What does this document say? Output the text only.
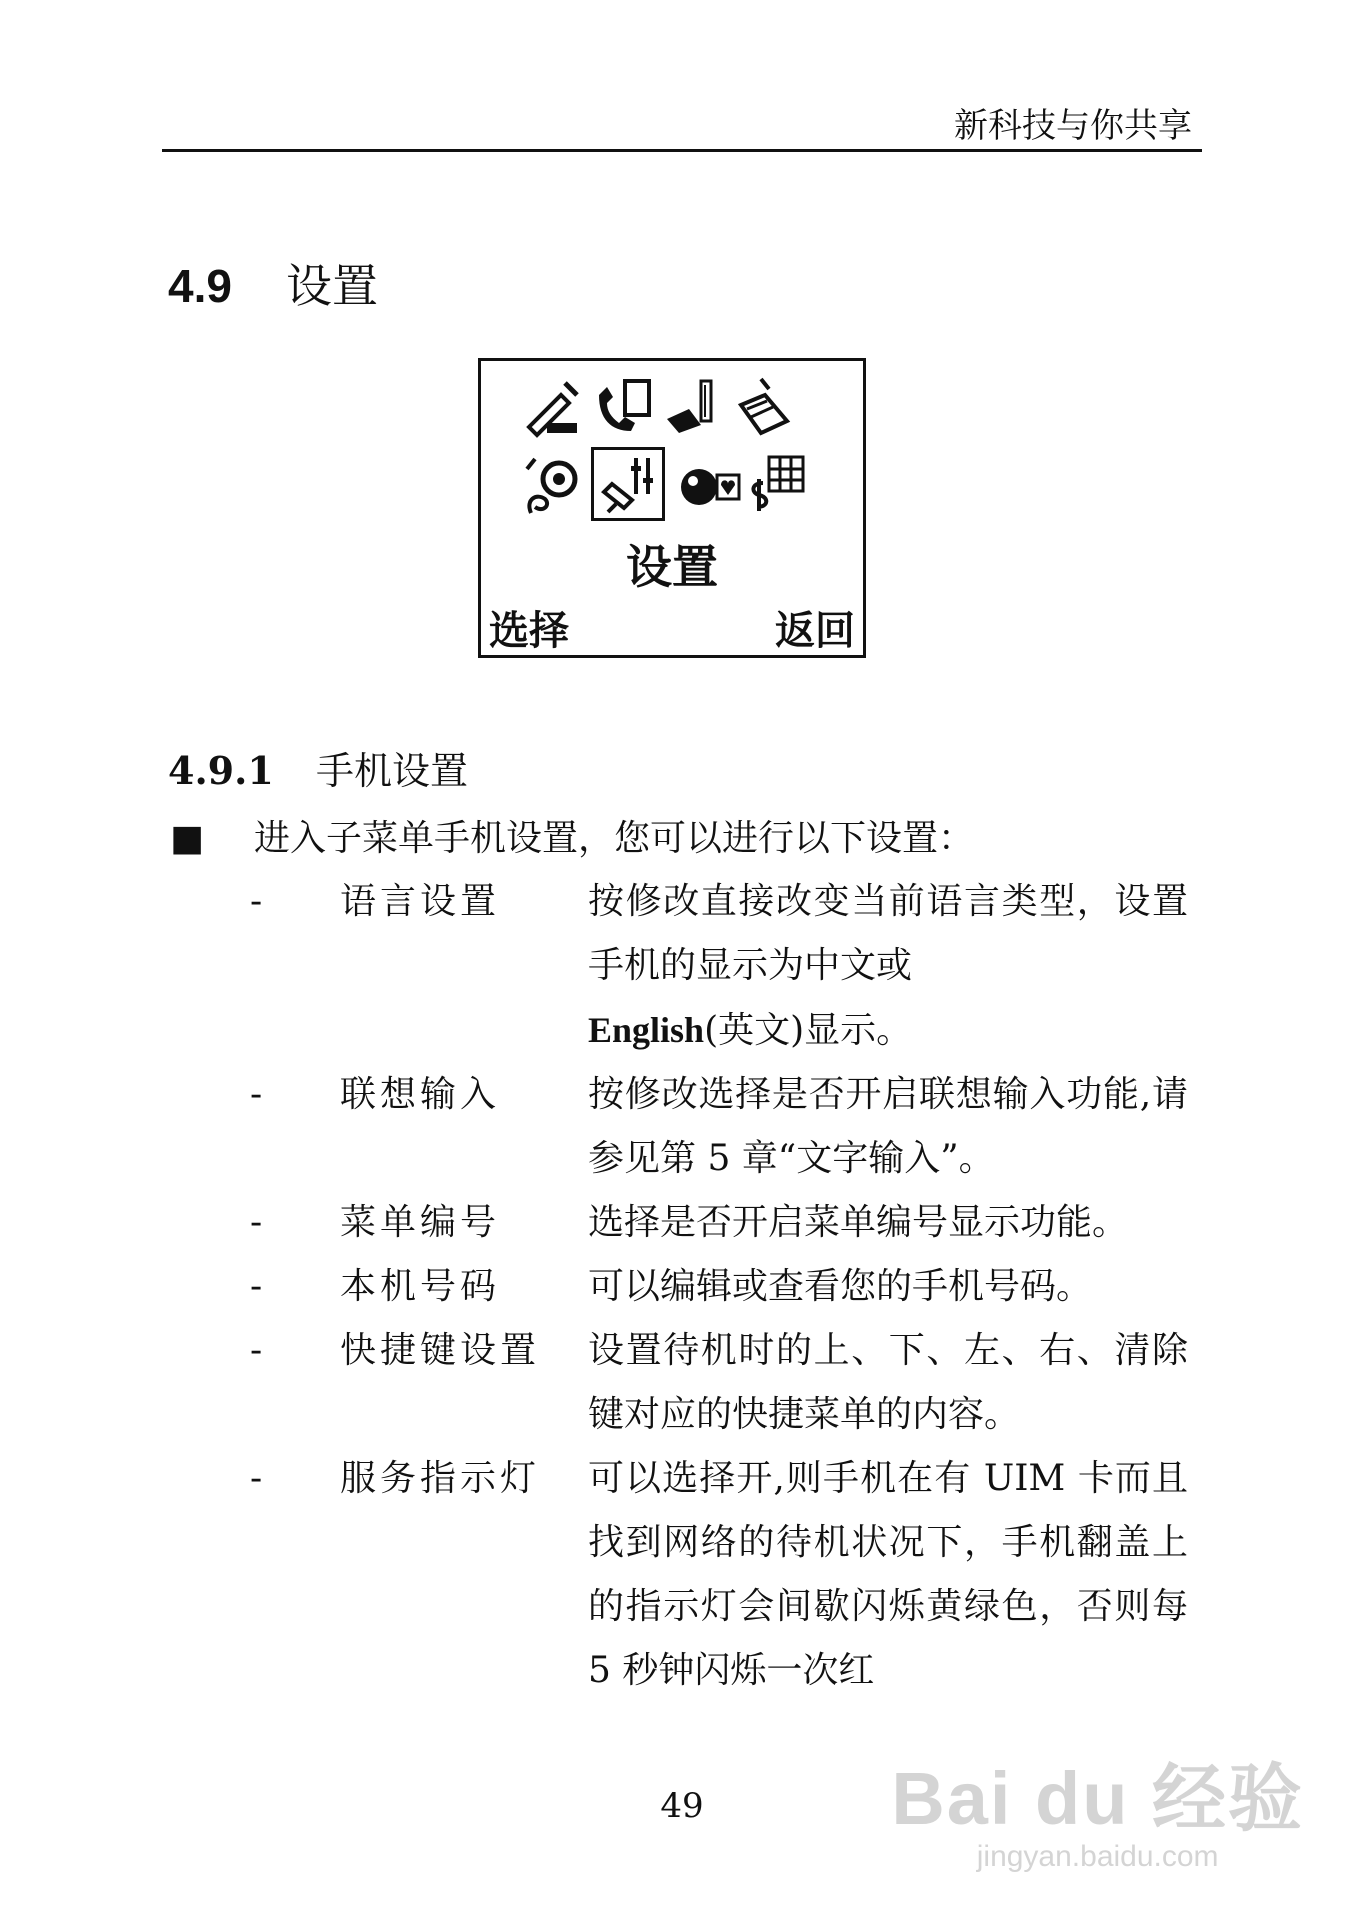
新科技与你共享
4.9 设置
设置
选择	返回
4.9.1 手机设置
■ 进入子菜单手机设置，您可以进行以下设置：
-	语言设置	按修改直接改变当前语言类型，设置手机的显示为中文或
English(英文)显示。
-	联想输入	按修改选择是否开启联想输入功能,请参见第 5 章“文字输入”。
-	菜单编号	选择是否开启菜单编号显示功能。
-	本机号码	可以编辑或查看您的手机号码。
-	快捷键设置	设置待机时的上、下、左、右、清除键对应的快捷菜单的内容。
-	服务指示灯	可以选择开,则手机在有 UIM 卡而且找到网络的待机状况下，手机翻盖上的指示灯会间歇闪烁黄绿色，否则每 5 秒钟闪烁一次红
49	Bai du 经验
jingyan.baidu.com
